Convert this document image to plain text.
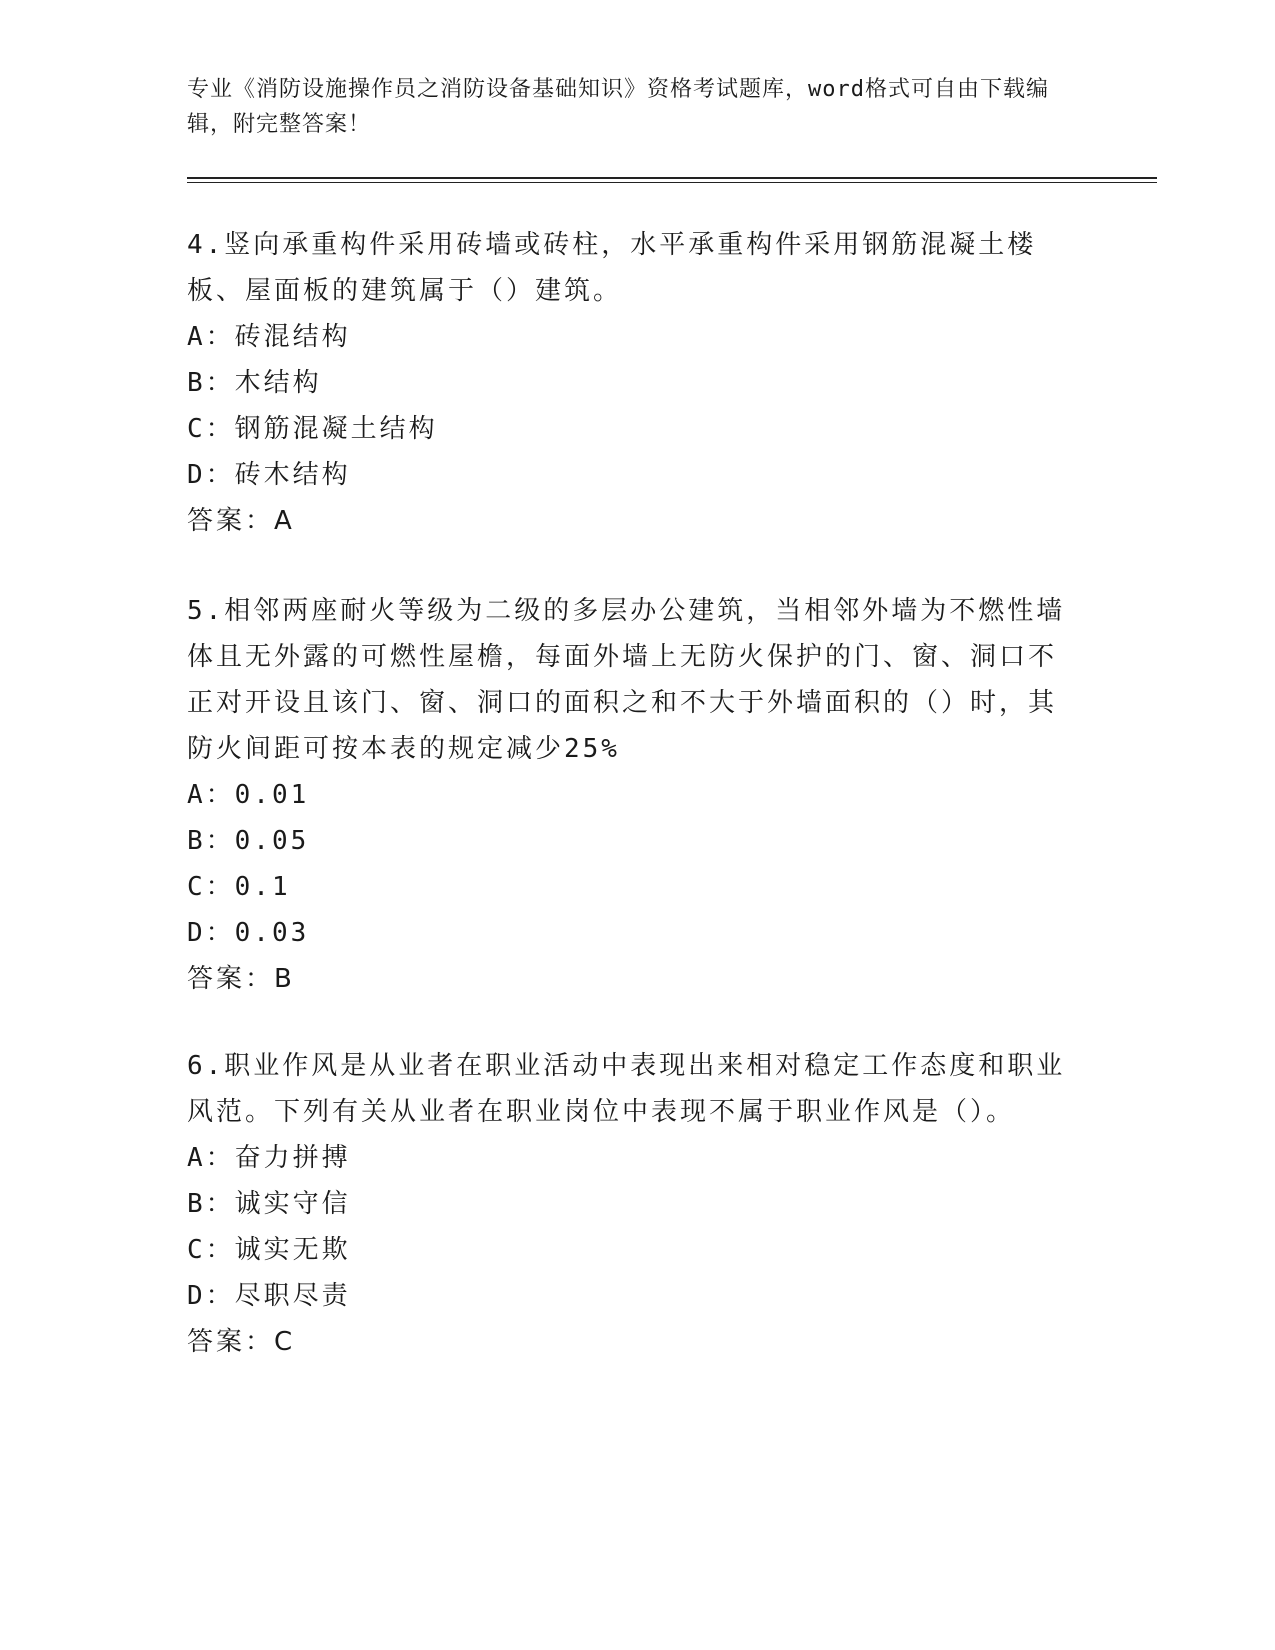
专业《消防设施操作员之消防设备基础知识》资格考试题库，word格式可自由下载编辑，附完整答案！
4.竖向承重构件采用砖墙或砖柱，水平承重构件采用钢筋混凝土楼板、屋面板的建筑属于（）建筑。
A：砖混结构
B：木结构
C：钢筋混凝土结构
D：砖木结构
答案：A
5.相邻两座耐火等级为二级的多层办公建筑，当相邻外墙为不燃性墙体且无外露的可燃性屋檐，每面外墙上无防火保护的门、窗、洞口不正对开设且该门、窗、洞口的面积之和不大于外墙面积的（）时，其防火间距可按本表的规定减少25%
A：0.01
B：0.05
C：0.1
D：0.03
答案：B
6.职业作风是从业者在职业活动中表现出来相对稳定工作态度和职业风范。下列有关从业者在职业岗位中表现不属于职业作风是（）。
A：奋力拼搏
B：诚实守信
C：诚实无欺
D：尽职尽责
答案：C
